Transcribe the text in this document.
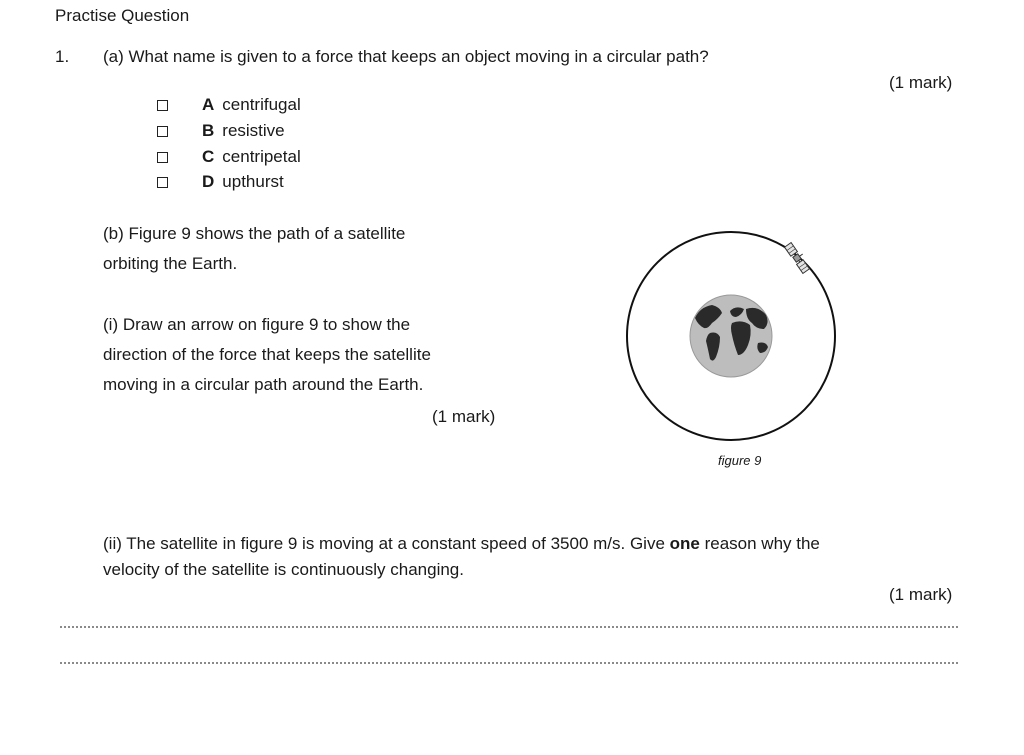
Practise Question
1. (a) What name is given to a force that keeps an object moving in a circular path?
(1 mark)
A centrifugal
B resistive
C centripetal
D upthurst
(b) Figure 9 shows the path of a satellite
orbiting the Earth.
(i) Draw an arrow on figure 9 to show the
direction of the force that keeps the satellite
moving in a circular path around the Earth.
(1 mark)
figure 9
(ii) The satellite in figure 9 is moving at a constant speed of 3500 m/s. Give one reason why the
velocity of the satellite is continuously changing.
(1 mark)
